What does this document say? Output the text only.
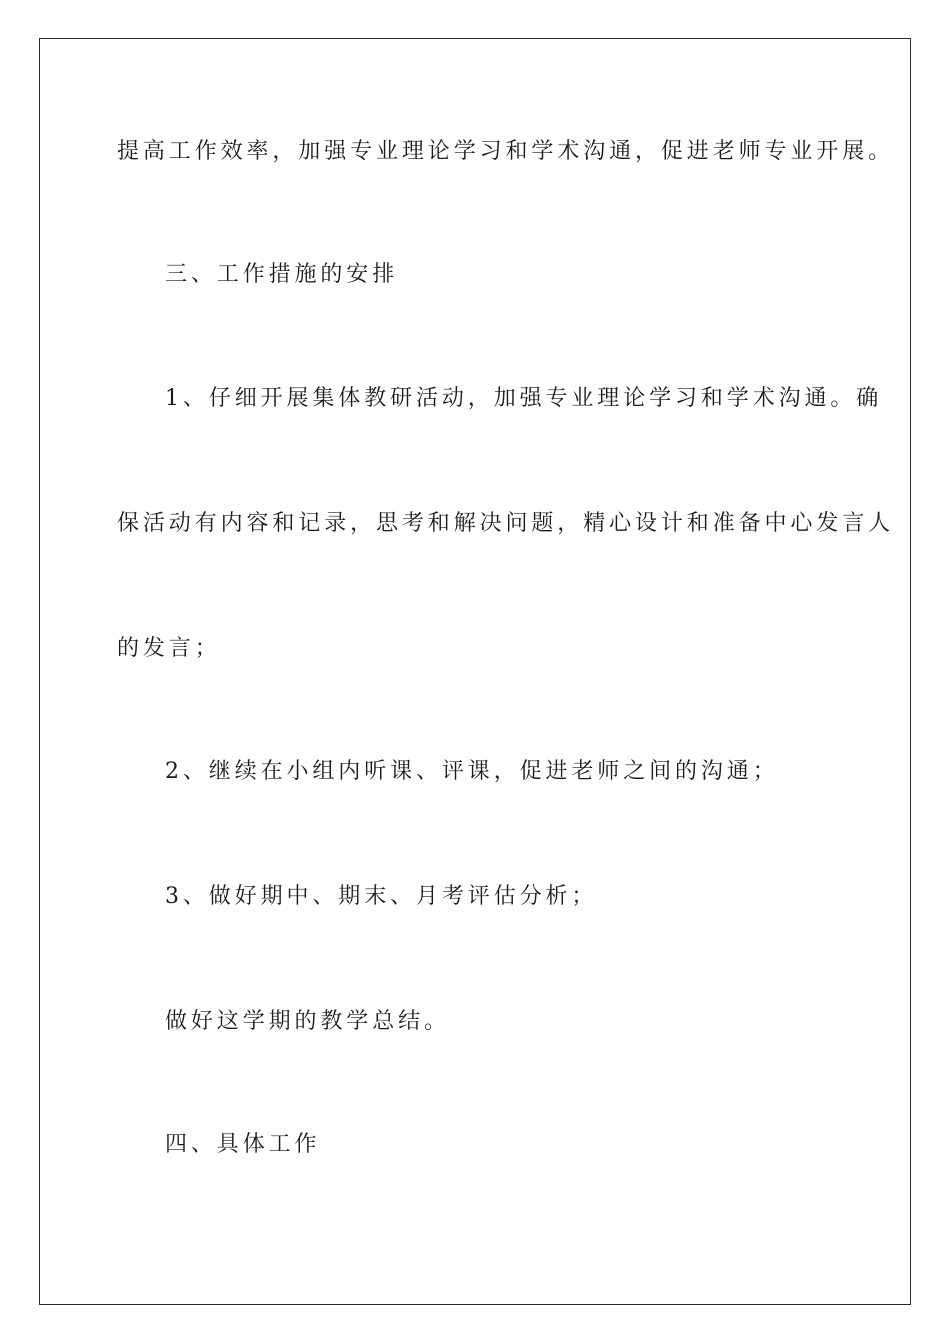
提高工作效率，加强专业理论学习和学术沟通，促进老师专业开展。
三、工作措施的安排
1、仔细开展集体教研活动，加强专业理论学习和学术沟通。确
保活动有内容和记录，思考和解决问题，精心设计和准备中心发言人
的发言；
2、继续在小组内听课、评课，促进老师之间的沟通；
3、做好期中、期末、月考评估分析；
做好这学期的教学总结。
四、具体工作
